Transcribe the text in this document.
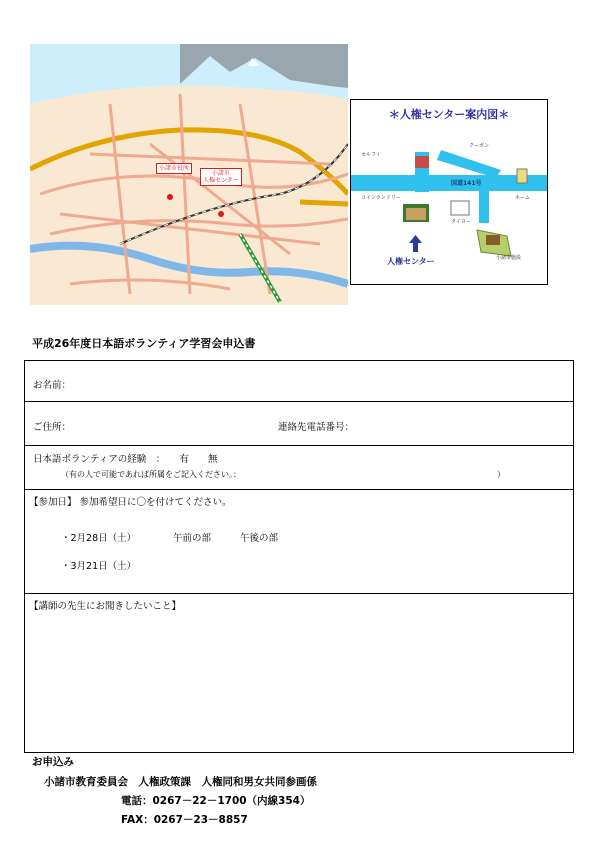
小諸市役所
小諸市
人権センター
＊人権センター案内図＊
セルフィ
クーポン
コインランドリー
タイヨー
ホーム
小諸市施設
国道141号
人権センター
平成26年度日本語ボランティア学習会申込書
お名前：
ご住所：	連絡先電話番号：
日本語ボランティアの経験　：　　有　　無
（有の人で可能であれば所属をご記入ください。：	）
【参加日】 参加希望日に〇を付けてください。
・2月28日（土）	午前の部	午後の部
・3月21日（土）
【講師の先生にお聞きしたいこと】
お申込み
小諸市教育委員会　人権政策課　人権同和男女共同参画係
電話：0267－22－1700（内線354）
FAX：0267－23－8857
